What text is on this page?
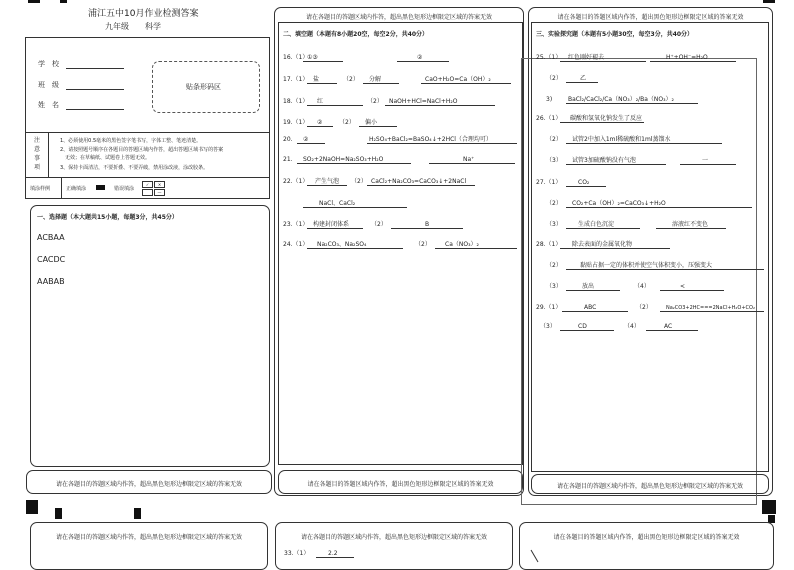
浦江五中10月作业检测答案
九年级 科学
学　校
班　级
姓　名
贴条形码区
注
意
事
项
1、必须使用0.5毫米的黑色签字笔书写，字体工整、笔迹清楚。
2、请按照题号顺序在各题目的答题区域内作答，超出答题区域书写的答案
　无效；在草稿纸、试题卷上答题无效。
3、保持卡面清洁，不要折叠、不要弄破，禁用涂改液，涂改胶条。
填涂样例	正确填涂	错误填涂
✓	✕
—
一、选择题（本大题共15小题，每题3分，共45分）
ACBAA
CACDC
AABAB
请在各题目的答题区域内作答，超出黑色矩形边框限定区域的答案无效
请在各题目的答题区域内作答，超出黑色矩形边框限定区域的答案无效
二、填空题（本题有8小题20空，每空2分，共40分）
16.（1）
①③	②
17.（1） 盐	（2） 分解	CaO+H₂O=Ca（OH）₂
18.（1） 红	（2） NaOH+HCl=NaCl+H₂O
19.（1） ②	（2） 偏小
20. ②	H₂SO₄+BaCl₂=BaSO₄↓+2HCl（合理均可）
21. SO₂+2NaOH=Na₂SO₃+H₂O	Na⁺
22.（1） 产生气泡 （2） CaCl₂+Na₂CO₃=CaCO₃↓+2NaCl
NaCl、CaCl₂
23.（1） 构建封闭体系	（2）	B
24.（1） Na₂CO₃、Na₂SO₄	（2） Ca（NO₃）₂
请在各题目的答题区域内作答，超出黑色矩形边框限定区域的答案无效
请在各题目的答题区域内作答，超出黑色矩形边框限定区域的答案无效
三、实验探究题（本题有5小题30空，每空3分，共40分）
25.（1） 红色刚好褪去	H⁺+OH⁻=H₂O
（2）	乙
3)	BaCl₂/CaCl₂/Ca（NO₃）₂/Ba（NO₃）₂
26.（1） 碳酸和氢氧化钠发生了反应
（2） 试管2中加入1ml稀硫酸和1ml蒸馏水
（3） 试管3加硫酸钠没有气泡	一
27.（1）	CO₂
（2） CO₂+Ca（OH）₂=CaCO₃↓+H₂O
（3）	生成白色沉淀	溶液红不变色
28.（1） 除去表面的金属氧化物
（2）	黏贴占据一定的体积并使空气体积变小，压强变大
（3）	放出	（4）	<
29.（1）	ABC	（2）	Na₂CO3+2HC===2NaCl+H₂O+CO₂
（3）	CD	（4）	AC
请在各题目的答题区域内作答，超出黑色矩形边框限定区域的答案无效
请在各题目的答题区域内作答，超出黑色矩形边框限定区域的答案无效	请在各题目的答题区域内作答，超出黑色矩形边框限定区域的答案无效
33.（1）	2.2
请在各题目的答题区域内作答，超出黑色矩形边框限定区域的答案无效
